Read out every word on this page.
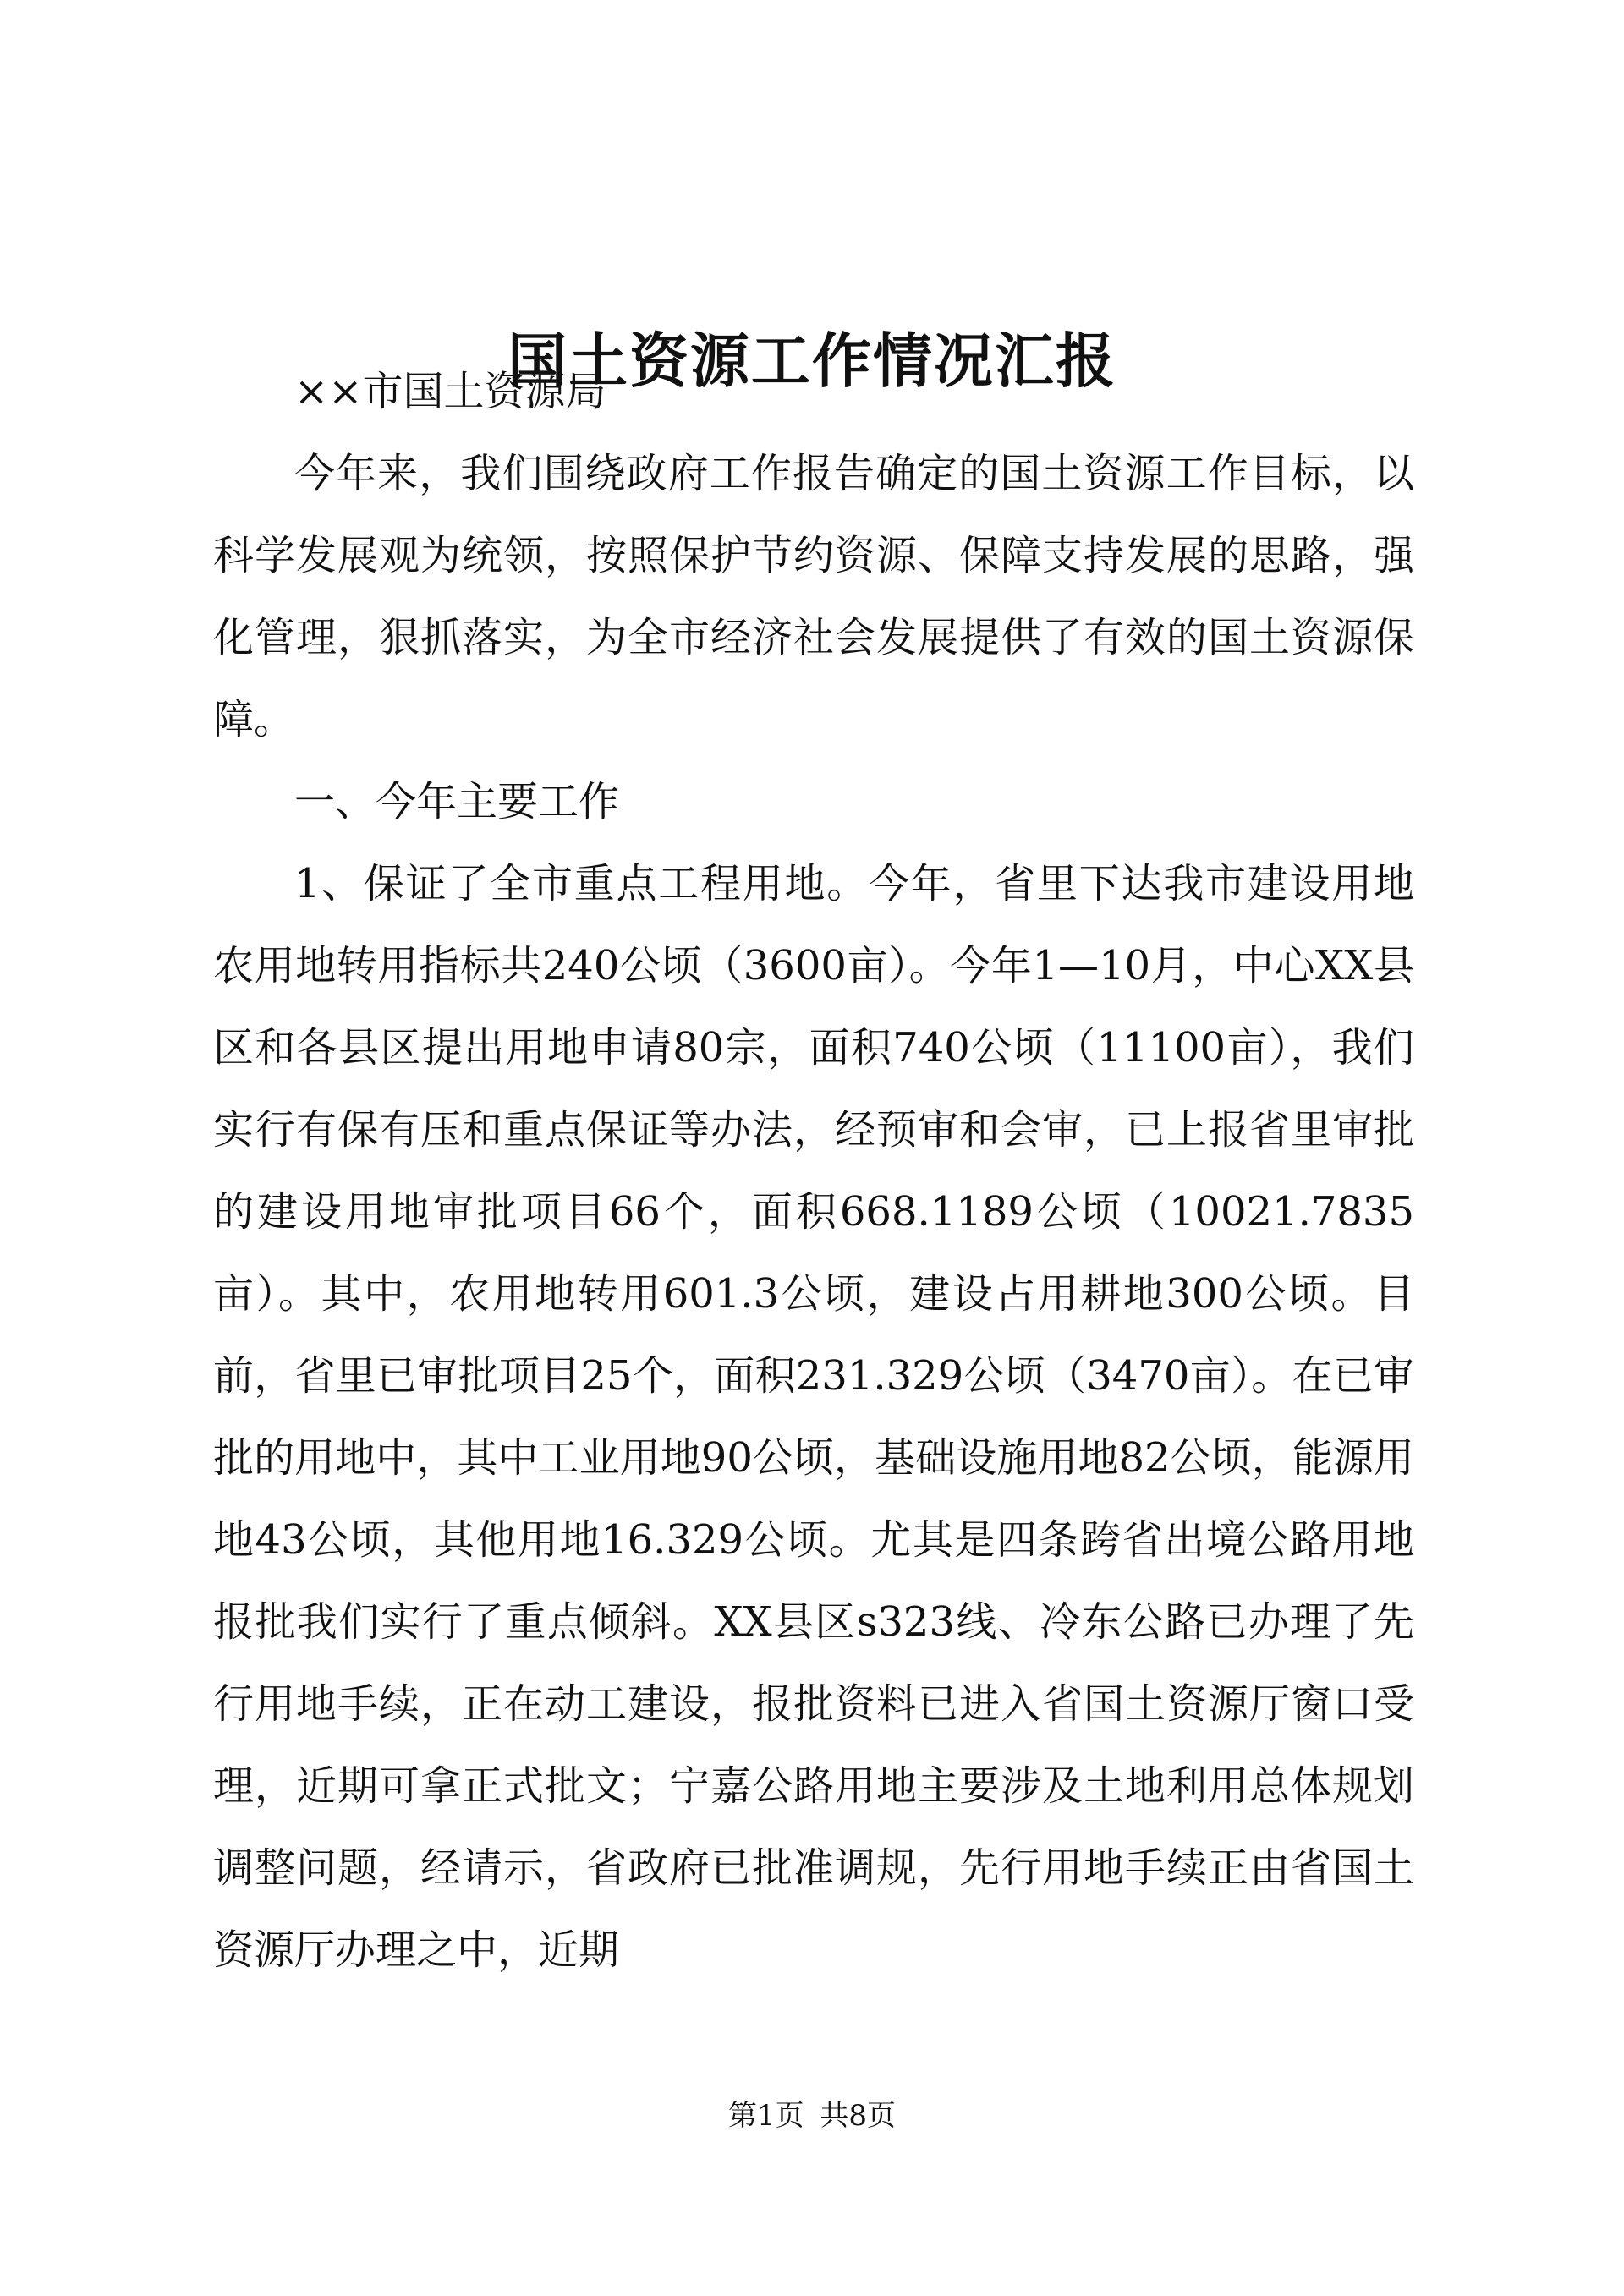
国土资源工作情况汇报

××市国土资源局

今年来，我们围绕政府工作报告确定的国土资源工作目标，以科学发展观为统领，按照保护节约资源、保障支持发展的思路，强化管理，狠抓落实，为全市经济社会发展提供了有效的国土资源保障。

一、今年主要工作

1、保证了全市重点工程用地。今年，省里下达我市建设用地农用地转用指标共240公顷（3600亩）。今年1—10月，中心XX县区和各县区提出用地申请80宗，面积740公顷（11100亩），我们实行有保有压和重点保证等办法，经预审和会审，已上报省里审批的建设用地审批项目66个，面积668.1189公顷（10021.7835亩）。其中，农用地转用601.3公顷，建设占用耕地300公顷。目前，省里已审批项目25个，面积231.329公顷（3470亩）。在已审批的用地中，其中工业用地90公顷，基础设施用地82公顷，能源用地43公顷，其他用地16.329公顷。尤其是四条跨省出境公路用地报批我们实行了重点倾斜。XX县区s323线、冷东公路已办理了先行用地手续，正在动工建设，报批资料已进入省国土资源厅窗口受理，近期可拿正式批文；宁嘉公路用地主要涉及土地利用总体规划调整问题，经请示，省政府已批准调规，先行用地手续正由省国土资源厅办理之中，近期

第1页 共8页
